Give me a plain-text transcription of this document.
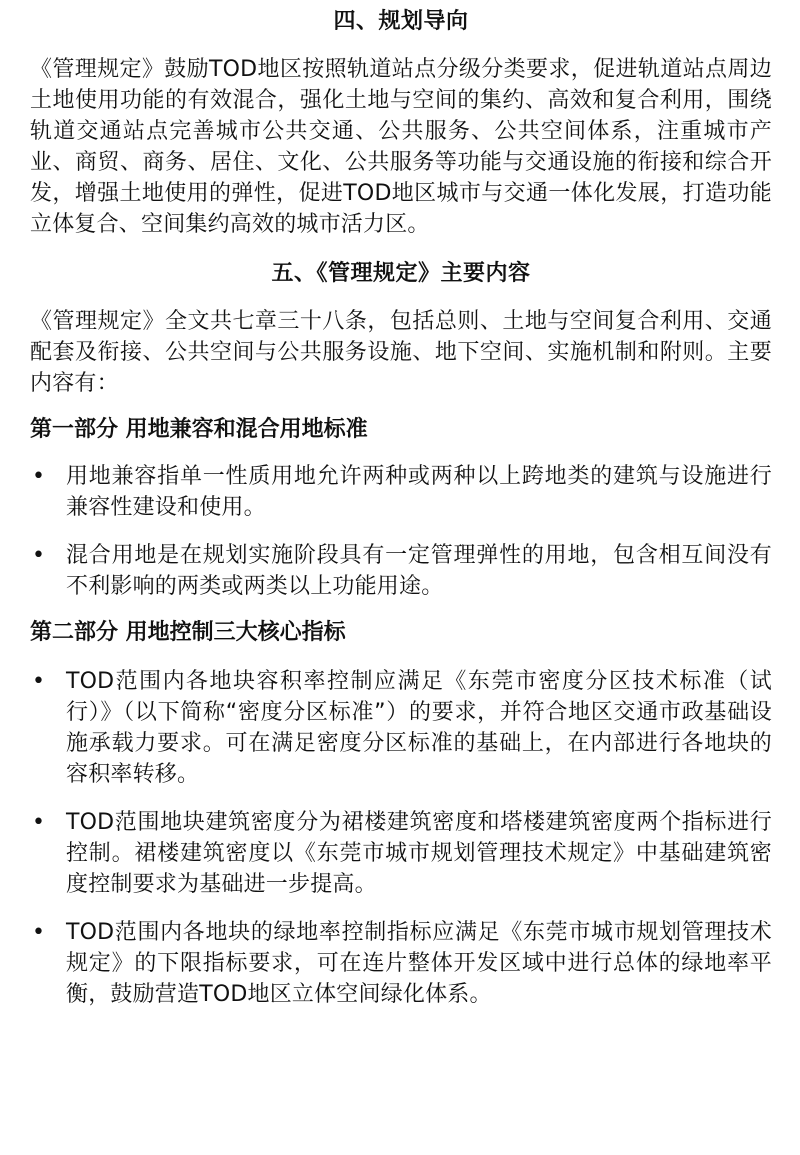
四、规划导向

《管理规定》鼓励TOD地区按照轨道站点分级分类要求，促进轨道站点周边土地使用功能的有效混合，强化土地与空间的集约、高效和复合利用，围绕轨道交通站点完善城市公共交通、公共服务、公共空间体系，注重城市产业、商贸、商务、居住、文化、公共服务等功能与交通设施的衔接和综合开发，增强土地使用的弹性，促进TOD地区城市与交通一体化发展，打造功能立体复合、空间集约高效的城市活力区。

五、《管理规定》主要内容

《管理规定》全文共七章三十八条，包括总则、土地与空间复合利用、交通配套及衔接、公共空间与公共服务设施、地下空间、实施机制和附则。主要内容有：

第一部分 用地兼容和混合用地标准
• 用地兼容指单一性质用地允许两种或两种以上跨地类的建筑与设施进行兼容性建设和使用。
• 混合用地是在规划实施阶段具有一定管理弹性的用地，包含相互间没有不利影响的两类或两类以上功能用途。
第二部分 用地控制三大核心指标
• TOD范围内各地块容积率控制应满足《东莞市密度分区技术标准（试行）》（以下简称“密度分区标准”）的要求，并符合地区交通市政基础设施承载力要求。可在满足密度分区标准的基础上，在内部进行各地块的容积率转移。
• TOD范围地块建筑密度分为裙楼建筑密度和塔楼建筑密度两个指标进行控制。裙楼建筑密度以《东莞市城市规划管理技术规定》中基础建筑密度控制要求为基础进一步提高。
• TOD范围内各地块的绿地率控制指标应满足《东莞市城市规划管理技术规定》的下限指标要求，可在连片整体开发区域中进行总体的绿地率平衡，鼓励营造TOD地区立体空间绿化体系。
